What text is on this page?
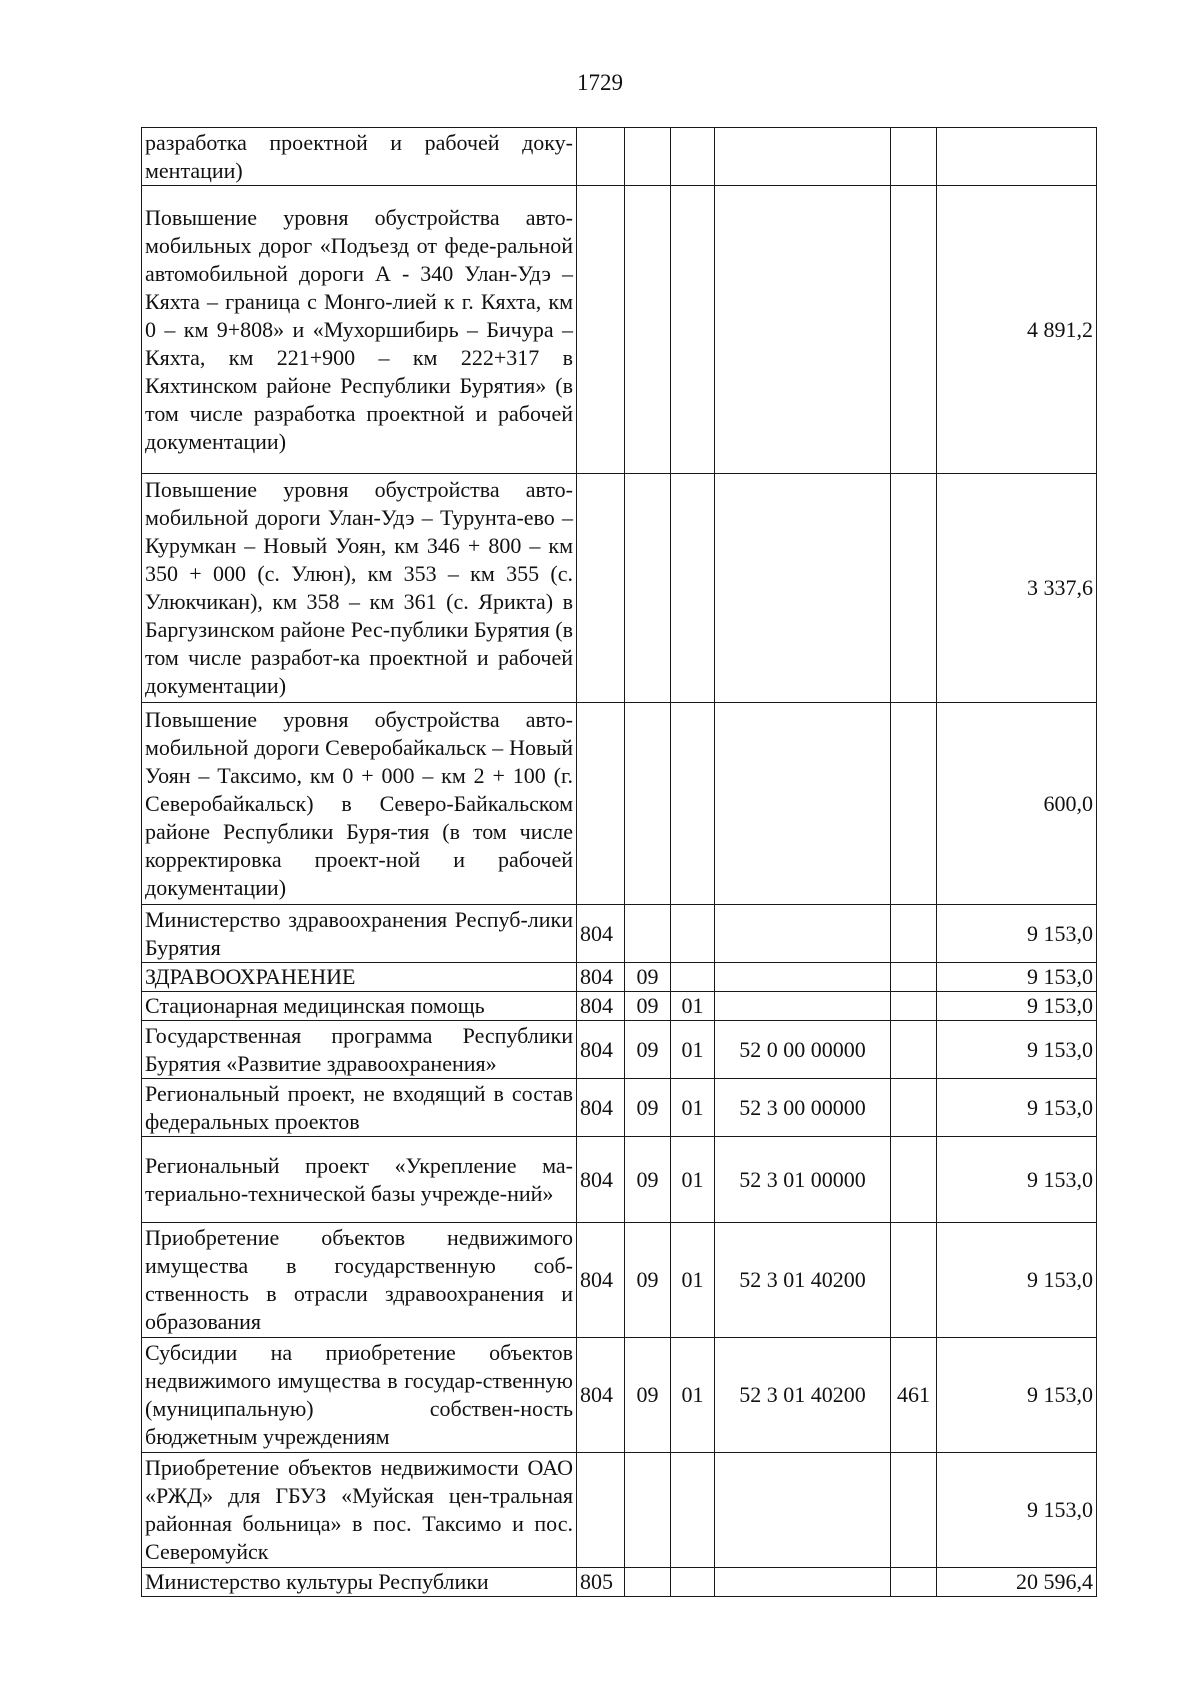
1729
разработка проектной и рабочей доку- ментации)						
Повышение уровня обустройства авто-мобильных дорог «Подъезд от феде-ральной автомобильной дороги А - 340 Улан-Удэ – Кяхта – граница с Монго-лией к г. Кяхта, км 0 – км 9+808» и «Мухоршибирь – Бичура – Кяхта, км 221+900 – км 222+317 в Кяхтинском районе Республики Бурятия» (в том числе разработка проектной и рабочей документации)						4 891,2
Повышение уровня обустройства авто-мобильной дороги Улан-Удэ – Турунта-ево – Курумкан – Новый Уоян, км 346 + 800 – км 350 + 000 (с. Улюн), км 353 – км 355 (с. Улюкчикан), км 358 – км 361 (с. Ярикта) в Баргузинском районе Рес-публики Бурятия (в том числе разработ-ка проектной и рабочей документации)						3 337,6
Повышение уровня обустройства авто-мобильной дороги Северобайкальск – Новый Уоян – Таксимо, км 0 + 000 – км 2 + 100 (г. Северобайкальск) в Северо-Байкальском районе Республики Буря-тия (в том числе корректировка проект-ной и рабочей документации)						600,0
Министерство здравоохранения Респуб-лики Бурятия	804					9 153,0
ЗДРАВООХРАНЕНИЕ	804	09				9 153,0
Стационарная медицинская помощь	804	09	01			9 153,0
Государственная программа Республики Бурятия «Развитие здравоохранения»	804	09	01	52 0 00 00000		9 153,0
Региональный проект, не входящий в состав федеральных проектов	804	09	01	52 3 00 00000		9 153,0
Региональный проект «Укрепление ма-териально-технической базы учрежде-ний»	804	09	01	52 3 01 00000		9 153,0
Приобретение объектов недвижимого имущества в государственную соб-ственность в отрасли здравоохранения и образования	804	09	01	52 3 01 40200		9 153,0
Субсидии на приобретение объектов недвижимого имущества в государ-ственную (муниципальную) собствен-ность бюджетным учреждениям	804	09	01	52 3 01 40200	461	9 153,0
Приобретение объектов недвижимости ОАО «РЖД» для ГБУЗ «Муйская цен-тральная районная больница» в пос. Таксимо и пос. Северомуйск						9 153,0
Министерство культуры Республики	805					20 596,4
